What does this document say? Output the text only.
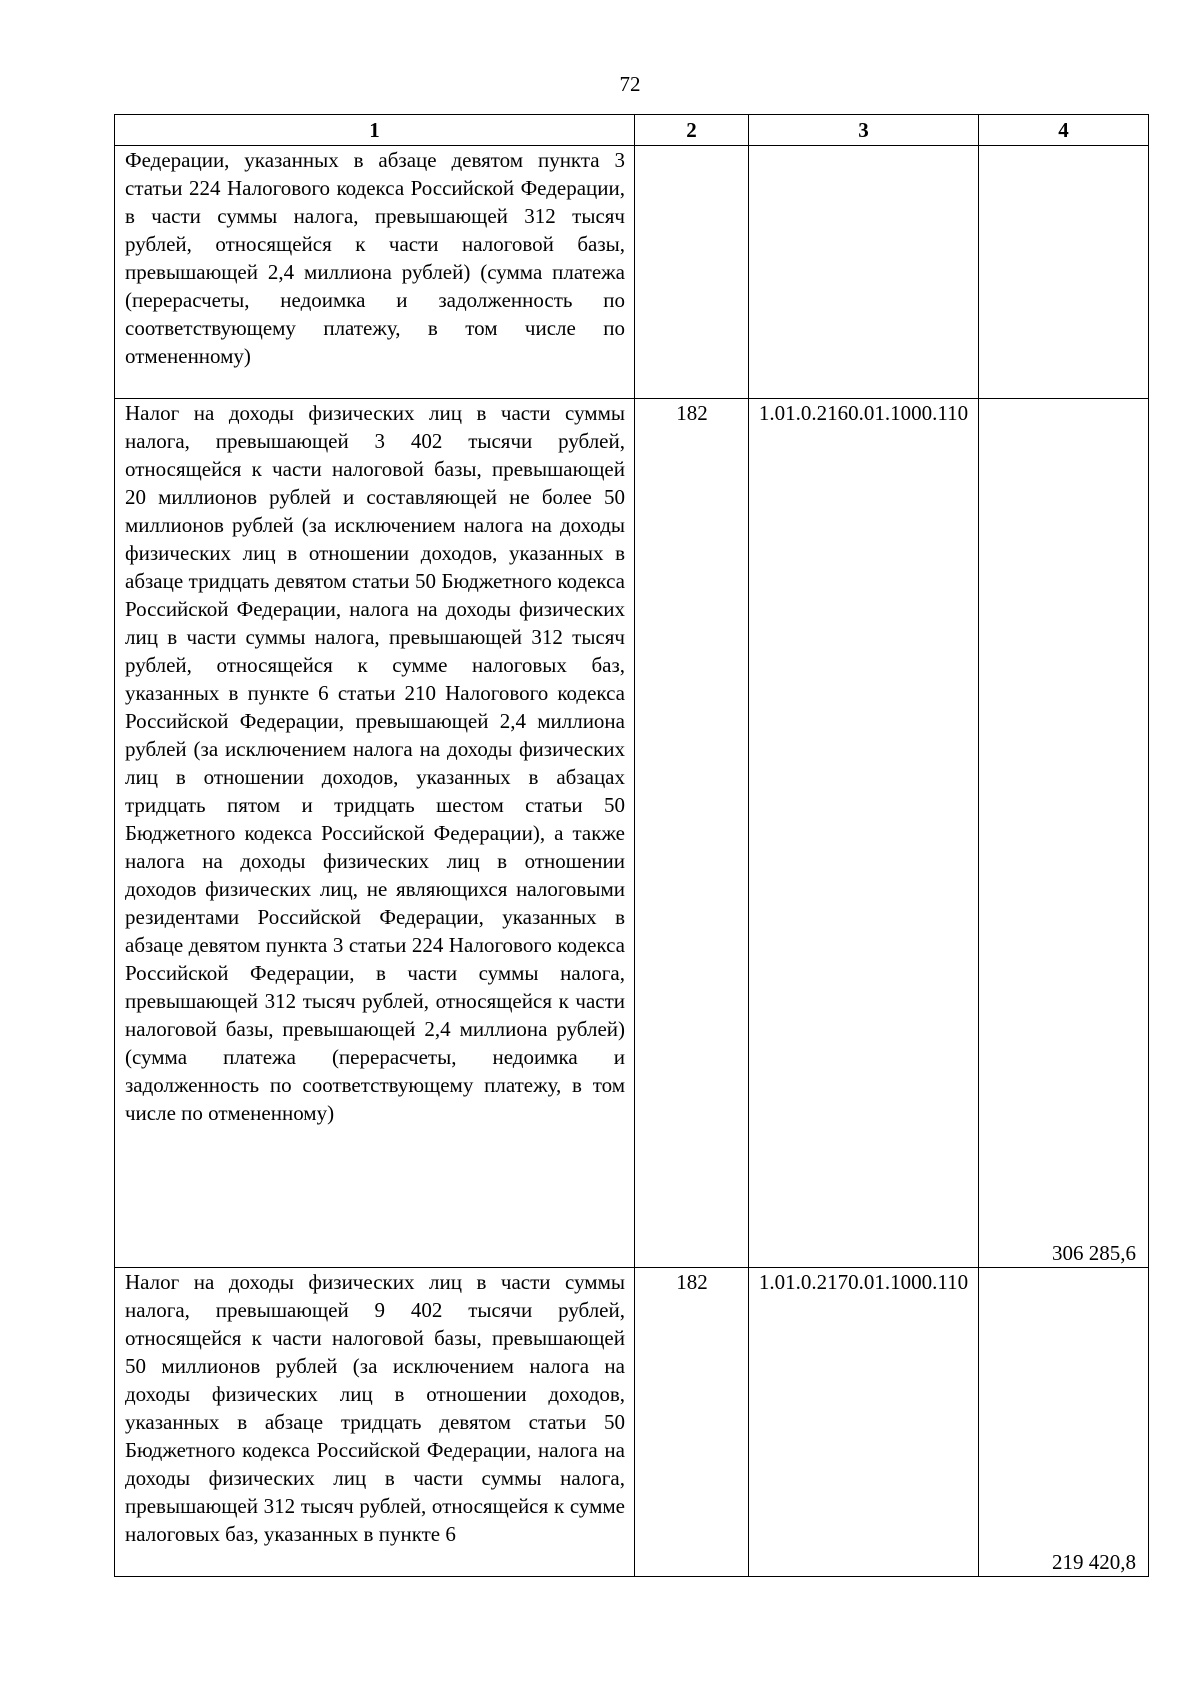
72
1	2	3	4

Федерации, указанных в абзаце девятом пункта 3 статьи 224 Налогового кодекса Российской Федерации, в части суммы налога, превышающей 312 тысяч рублей, относящейся к части налоговой базы, превышающей 2,4 миллиона рублей) (сумма платежа (перерасчеты, недоимка и задолженность по соответствующему платежу, в том числе по отмененному)			

Налог на доходы физических лиц в части суммы налога, превышающей 3 402 тысячи рублей, относящейся к части налоговой базы, превышающей 20 миллионов рублей и составляющей не более 50 миллионов рублей (за исключением налога на доходы физических лиц в отношении доходов, указанных в абзаце тридцать девятом статьи 50 Бюджетного кодекса Российской Федерации, налога на доходы физических лиц в части суммы налога, превышающей 312 тысяч рублей, относящейся к сумме налоговых баз, указанных в пункте 6 статьи 210 Налогового кодекса Российской Федерации, превышающей 2,4 миллиона рублей (за исключением налога на доходы физических лиц в отношении доходов, указанных в абзацах тридцать пятом и тридцать шестом статьи 50 Бюджетного кодекса Российской Федерации), а также налога на доходы физических лиц в отношении доходов физических лиц, не являющихся налоговыми резидентами Российской Федерации, указанных в абзаце девятом пункта 3 статьи 224 Налогового кодекса Российской Федерации, в части суммы налога, превышающей 312 тысяч рублей, относящейся к части налоговой базы, превышающей 2,4 миллиона рублей) (сумма платежа (перерасчеты, недоимка и задолженность по соответствующему платежу, в том числе по отмененному)	182	1.01.0.2160.01.1000.110	306 285,6

Налог на доходы физических лиц в части суммы налога, превышающей 9 402 тысячи рублей, относящейся к части налоговой базы, превышающей 50 миллионов рублей (за исключением налога на доходы физических лиц в отношении доходов, указанных в абзаце тридцать девятом статьи 50 Бюджетного кодекса Российской Федерации, налога на доходы физических лиц в части суммы налога, превышающей 312 тысяч рублей, относящейся к сумме налоговых баз, указанных в пункте 6	182	1.01.0.2170.01.1000.110	219 420,8
